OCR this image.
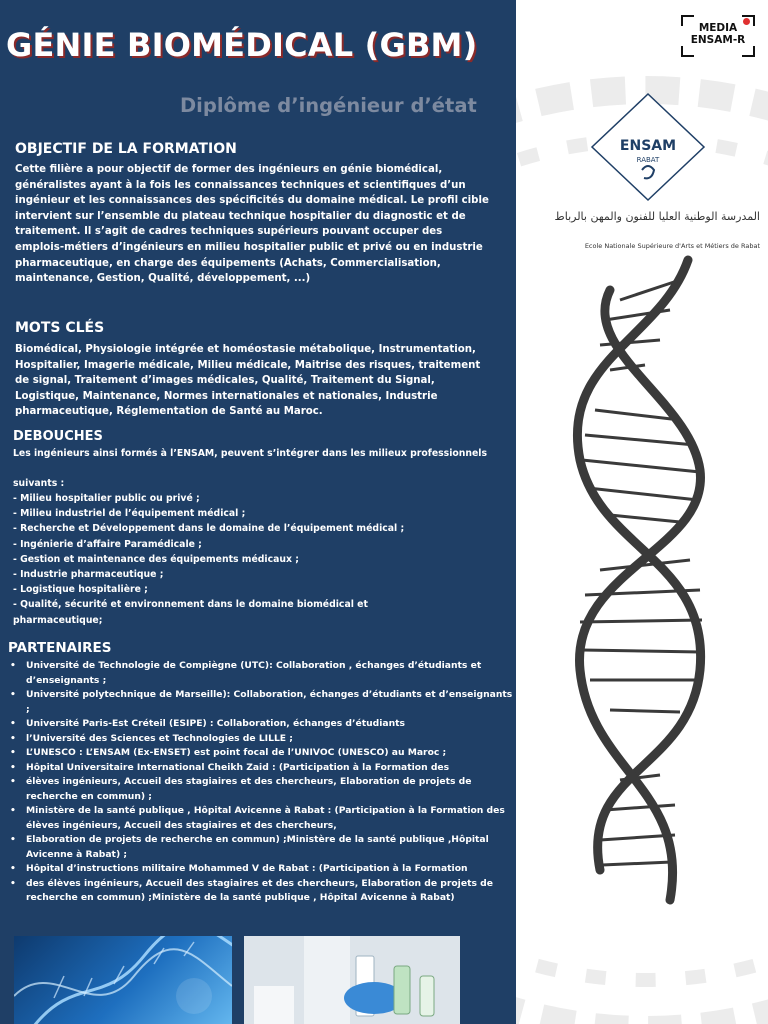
GÉNIE BIOMÉDICAL (GBM)
Diplôme d’ingénieur d’état
OBJECTIF DE LA FORMATION
Cette filière a pour objectif de former des ingénieurs en génie biomédical, généralistes ayant à la fois les connaissances techniques et scientifiques d’un ingénieur et les connaissances des spécificités du domaine médical. Le profil cible intervient sur l’ensemble du plateau technique hospitalier du diagnostic et de traitement. Il s’agit de cadres techniques supérieurs pouvant occuper des emplois-métiers d’ingénieurs en milieu hospitalier public et privé ou en industrie pharmaceutique, en charge des équipements (Achats, Commercialisation, maintenance, Gestion, Qualité, développement, ...)
MOTS CLÉS
Biomédical, Physiologie intégrée et homéostasie métabolique, Instrumentation, Hospitalier, Imagerie médicale, Milieu médicale, Maitrise des risques, traitement de signal, Traitement d’images médicales, Qualité, Traitement du Signal, Logistique, Maintenance, Normes internationales et nationales, Industrie pharmaceutique, Réglementation de Santé au Maroc.
DEBOUCHES
Les ingénieurs ainsi formés à l’ENSAM, peuvent s’intégrer dans les milieux professionnels
suivants :
- Milieu hospitalier public ou privé ;
- Milieu industriel de l’équipement médical ;
- Recherche et Développement dans le domaine de l’équipement médical ;
- Ingénierie d’affaire Paramédicale ;
- Gestion et maintenance des équipements médicaux ;
- Industrie pharmaceutique ;
- Logistique hospitalière ;
- Qualité, sécurité et environnement dans le domaine biomédical et
pharmaceutique;
PARTENAIRES
• Université de Technologie de Compiègne (UTC): Collaboration , échanges d’étudiants et d’enseignants ;
• Université polytechnique de Marseille): Collaboration, échanges d’étudiants et d’enseignants ;
• Université Paris-Est Créteil (ESIPE) : Collaboration, échanges d’étudiants
• l’Université des Sciences et Technologies de LILLE ;
• L’UNESCO : L’ENSAM (Ex-ENSET) est point focal de l’UNIVOC (UNESCO) au Maroc ;
• Hôpital Universitaire International Cheikh Zaid : (Participation à la Formation des
• élèves ingénieurs, Accueil des stagiaires et des chercheurs, Elaboration de projets de recherche en commun) ;
• Ministère de la santé publique , Hôpital Avicenne à Rabat : (Participation à la Formation des élèves ingénieurs, Accueil des stagiaires et des chercheurs,
• Elaboration de projets de recherche en commun) ;Ministère de la santé publique ,Hôpital Avicenne à Rabat) ;
• Hôpital d’instructions militaire Mohammed V de Rabat : (Participation à la Formation
• des élèves ingénieurs, Accueil des stagiaires et des chercheurs, Elaboration de projets de recherche en commun) ;Ministère de la santé publique , Hôpital Avicenne à Rabat)
MEDIA
ENSAM-R
ENSAM
RABAT
المدرسة الوطنية العليا للفنون والمهن بالرباط
Ecole Nationale Supérieure d'Arts et Métiers de Rabat
